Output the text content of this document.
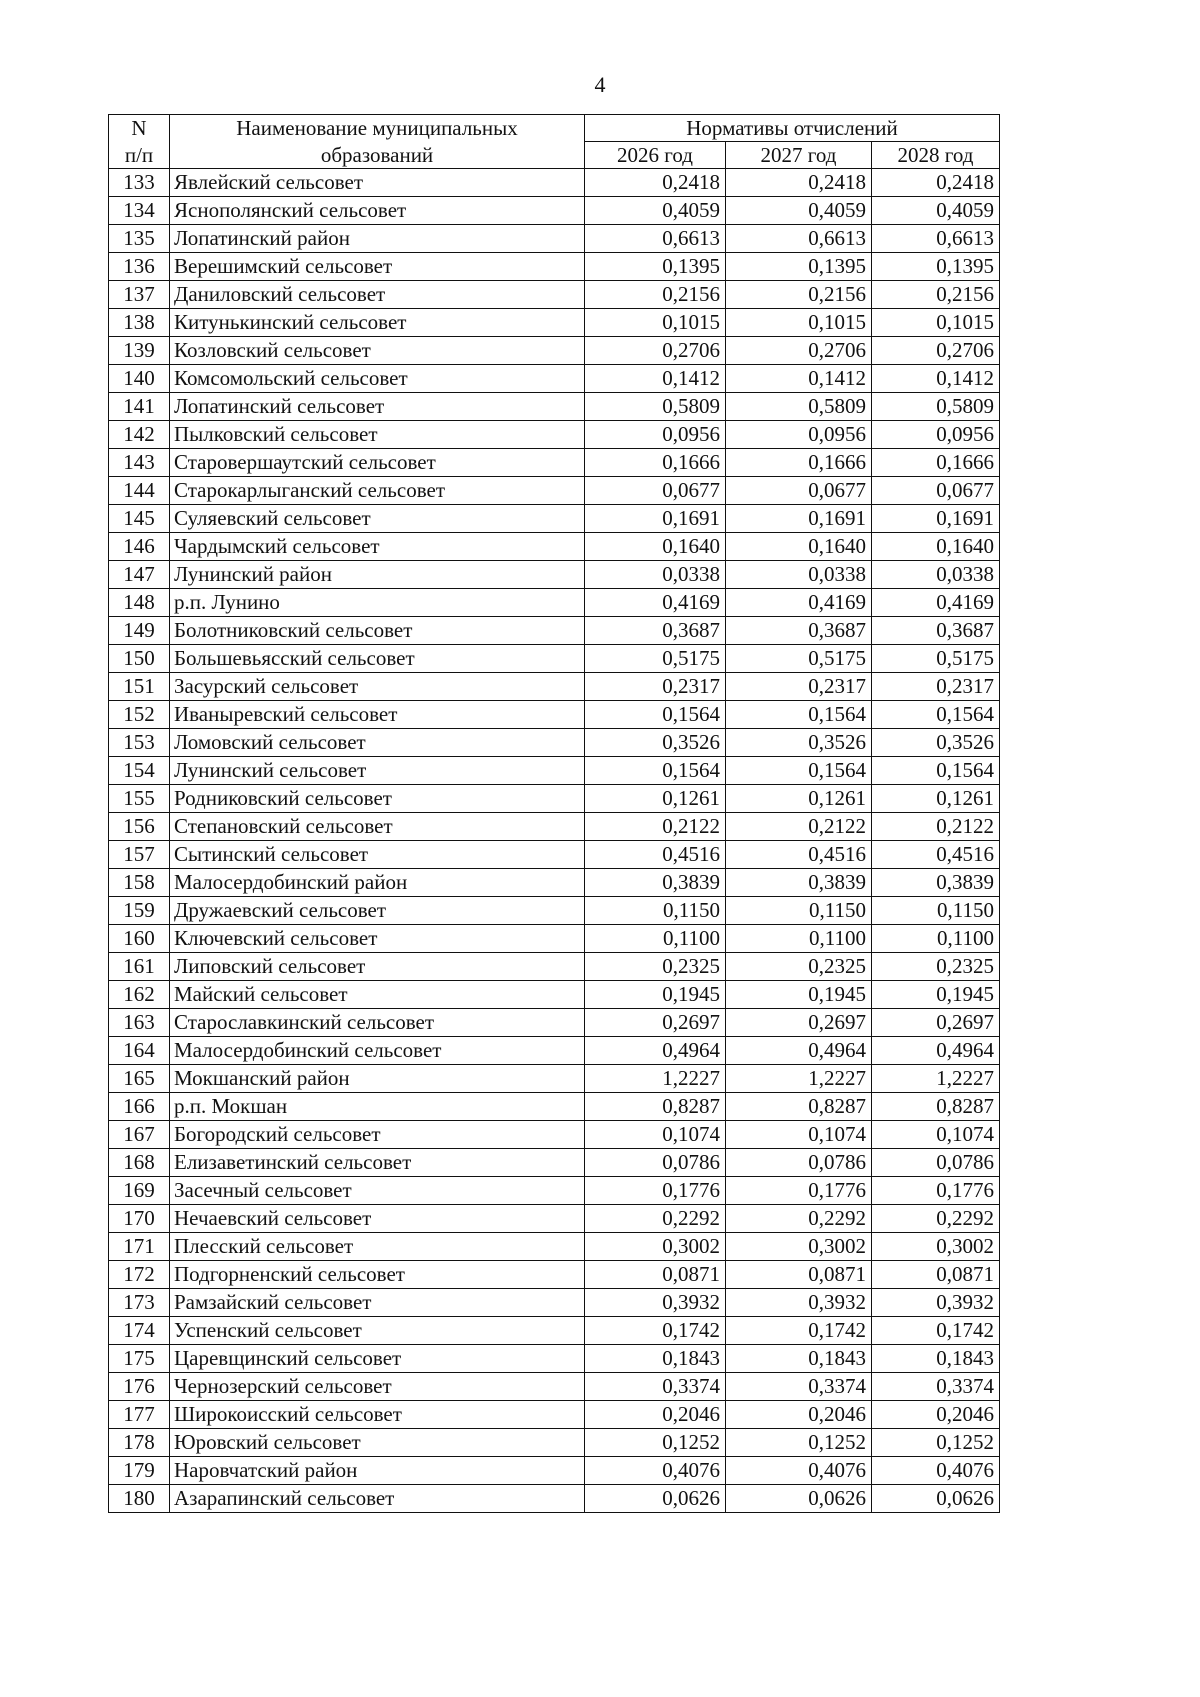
4
N	Наименование муниципальных	Нормативы отчислений		
п/п	образований	2026 год	2027 год	2028 год
133	Явлейский сельсовет	0,2418	0,2418	0,2418
134	Яснополянский сельсовет	0,4059	0,4059	0,4059
135	Лопатинский район	0,6613	0,6613	0,6613
136	Верешимский сельсовет	0,1395	0,1395	0,1395
137	Даниловский сельсовет	0,2156	0,2156	0,2156
138	Китунькинский сельсовет	0,1015	0,1015	0,1015
139	Козловский сельсовет	0,2706	0,2706	0,2706
140	Комсомольский сельсовет	0,1412	0,1412	0,1412
141	Лопатинский сельсовет	0,5809	0,5809	0,5809
142	Пылковский сельсовет	0,0956	0,0956	0,0956
143	Старовершаутский сельсовет	0,1666	0,1666	0,1666
144	Старокарлыганский сельсовет	0,0677	0,0677	0,0677
145	Суляевский сельсовет	0,1691	0,1691	0,1691
146	Чардымский сельсовет	0,1640	0,1640	0,1640
147	Лунинский район	0,0338	0,0338	0,0338
148	р.п. Лунино	0,4169	0,4169	0,4169
149	Болотниковский сельсовет	0,3687	0,3687	0,3687
150	Большевьясский сельсовет	0,5175	0,5175	0,5175
151	Засурский сельсовет	0,2317	0,2317	0,2317
152	Иваныревский сельсовет	0,1564	0,1564	0,1564
153	Ломовский сельсовет	0,3526	0,3526	0,3526
154	Лунинский сельсовет	0,1564	0,1564	0,1564
155	Родниковский сельсовет	0,1261	0,1261	0,1261
156	Степановский сельсовет	0,2122	0,2122	0,2122
157	Сытинский сельсовет	0,4516	0,4516	0,4516
158	Малосердобинский район	0,3839	0,3839	0,3839
159	Дружаевский сельсовет	0,1150	0,1150	0,1150
160	Ключевский сельсовет	0,1100	0,1100	0,1100
161	Липовский сельсовет	0,2325	0,2325	0,2325
162	Майский сельсовет	0,1945	0,1945	0,1945
163	Старославкинский сельсовет	0,2697	0,2697	0,2697
164	Малосердобинский сельсовет	0,4964	0,4964	0,4964
165	Мокшанский район	1,2227	1,2227	1,2227
166	р.п. Мокшан	0,8287	0,8287	0,8287
167	Богородский сельсовет	0,1074	0,1074	0,1074
168	Елизаветинский сельсовет	0,0786	0,0786	0,0786
169	Засечный сельсовет	0,1776	0,1776	0,1776
170	Нечаевский сельсовет	0,2292	0,2292	0,2292
171	Плесский сельсовет	0,3002	0,3002	0,3002
172	Подгорненский сельсовет	0,0871	0,0871	0,0871
173	Рамзайский сельсовет	0,3932	0,3932	0,3932
174	Успенский сельсовет	0,1742	0,1742	0,1742
175	Царевщинский сельсовет	0,1843	0,1843	0,1843
176	Чернозерский сельсовет	0,3374	0,3374	0,3374
177	Широкоисский сельсовет	0,2046	0,2046	0,2046
178	Юровский сельсовет	0,1252	0,1252	0,1252
179	Наровчатский район	0,4076	0,4076	0,4076
180	Азарапинский сельсовет	0,0626	0,0626	0,0626
